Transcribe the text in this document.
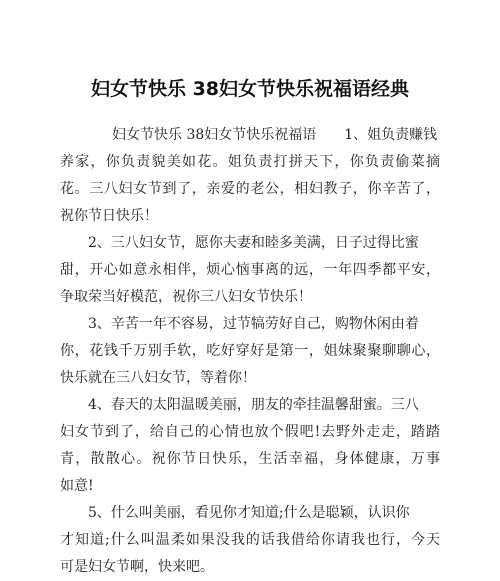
妇女节快乐 38妇女节快乐祝福语经典
妇女节快乐 38妇女节快乐祝福语　　1、姐负责赚钱
养家，你负责貌美如花。姐负责打拼天下，你负责偷菜摘
花。三八妇女节到了，亲爱的老公，相妇教子，你辛苦了，
祝你节日快乐！
2、三八妇女节，愿你夫妻和睦多美满，日子过得比蜜
甜，开心如意永相伴，烦心恼事离的远，一年四季都平安，
争取荣当好模范，祝你三八妇女节快乐！
3、辛苦一年不容易，过节犒劳好自己，购物休闲由着
你，花钱千万别手软，吃好穿好是第一，姐妹聚聚聊聊心，
快乐就在三八妇女节，等着你！
4、春天的太阳温暖美丽，朋友的牵挂温馨甜蜜。三八
妇女节到了，给自己的心情也放个假吧!去野外走走，踏踏
青，散散心。祝你节日快乐，生活幸福，身体健康，万事
如意!
5、什么叫美丽，看见你才知道;什么是聪颖，认识你
才知道;什么叫温柔如果没我的话我借给你请我也行，今天
可是妇女节啊，快来吧。
